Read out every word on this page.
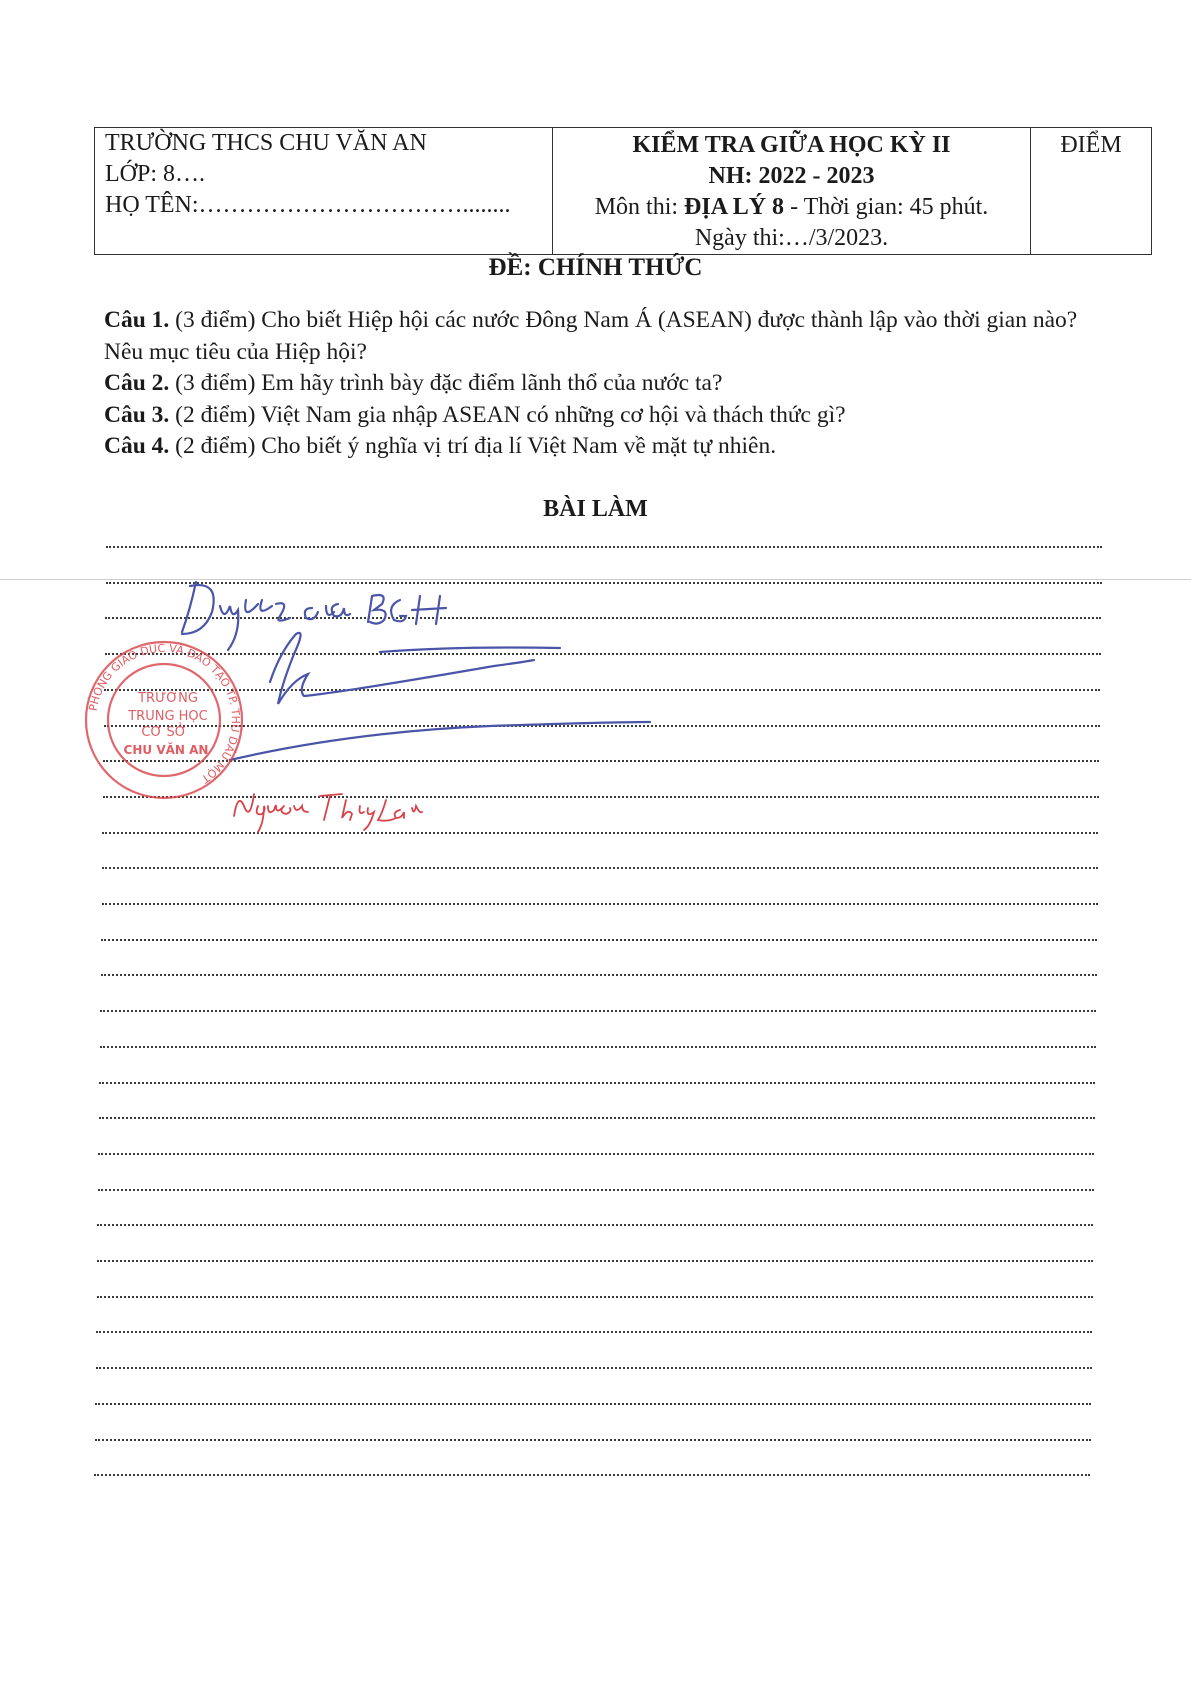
TRƯỜNG THCS CHU VĂN AN
LỚP: 8….
HỌ TÊN:……………………………........
KIỂM TRA GIỮA HỌC KỲ II
NH: 2022 - 2023
Môn thi: ĐỊA LÝ 8 - Thời gian: 45 phút.
Ngày thi:…/3/2023.
ĐIỂM
ĐỀ: CHÍNH THỨC
Câu 1. (3 điểm) Cho biết Hiệp hội các nước Đông Nam Á (ASEAN) được thành lập vào thời gian nào? Nêu mục tiêu của Hiệp hội?
Câu 2. (3 điểm) Em hãy trình bày đặc điểm lãnh thổ của nước ta?
Câu 3. (2 điểm) Việt Nam gia nhập ASEAN có những cơ hội và thách thức gì?
Câu 4. (2 điểm) Cho biết ý nghĩa vị trí địa lí Việt Nam về mặt tự nhiên.
BÀI LÀM
PHÒNG GIÁO DỤC VÀ ĐÀO TẠO TP. THỦ DẦU MỘT
TRƯỜNG
TRUNG HỌC
CƠ SỞ
CHU VĂN AN
